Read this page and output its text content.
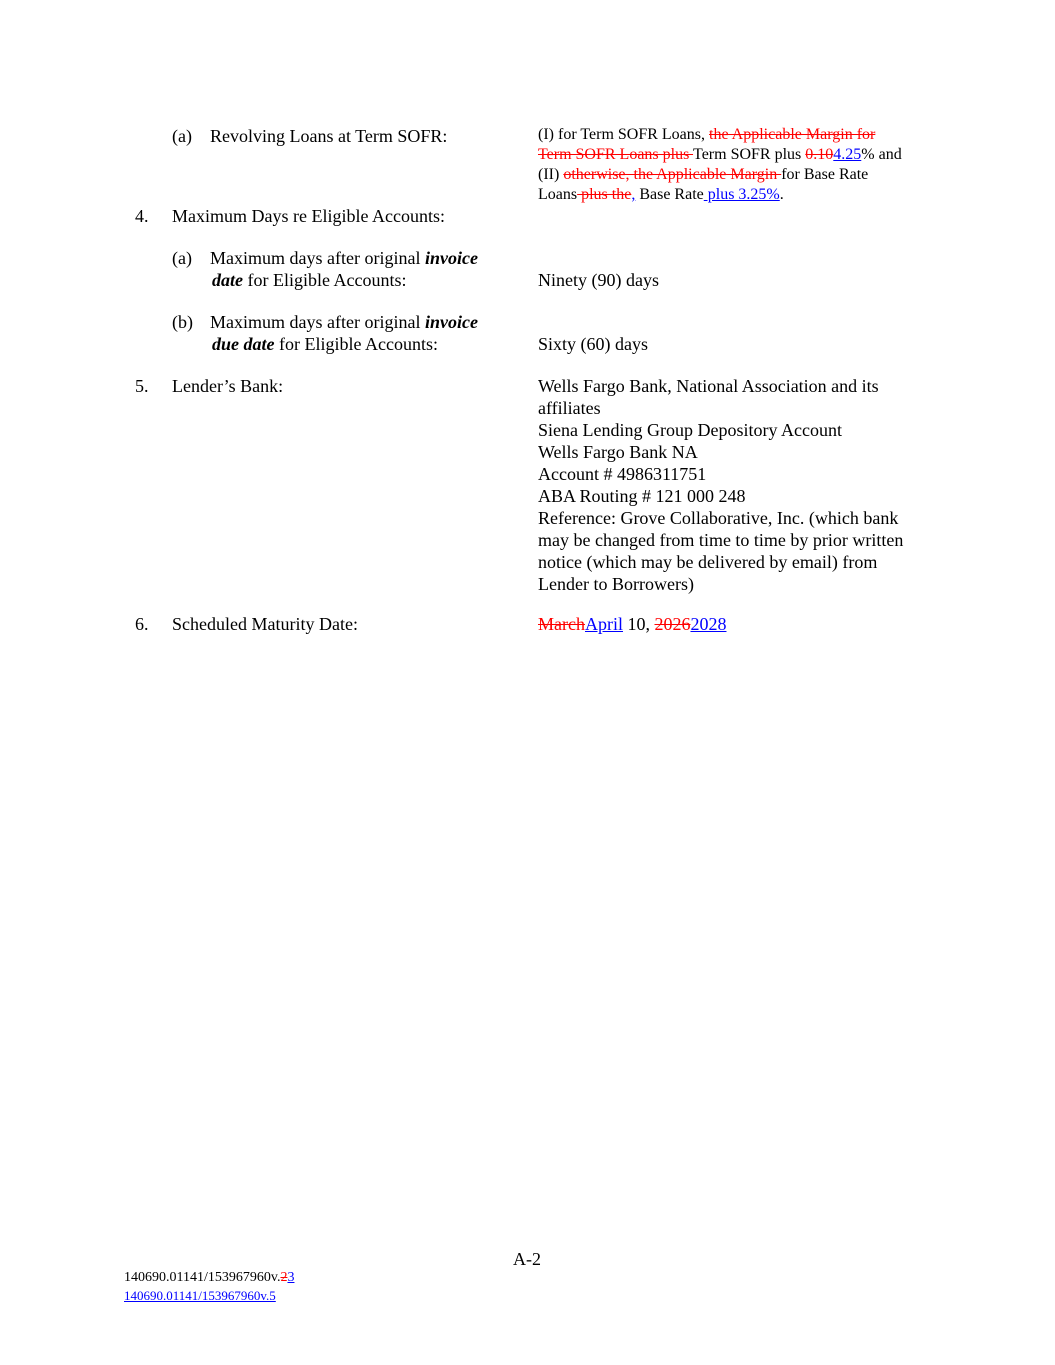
(a) Revolving Loans at Term SOFR:	(I) for Term SOFR Loans, the Applicable Margin for
Term SOFR Loans plus Term SOFR plus 0.104.25% and
(II) otherwise, the Applicable Margin for Base Rate
Loans plus the, Base Rate plus 3.25%.
4. Maximum Days re Eligible Accounts:
(a) Maximum days after original invoice
date for Eligible Accounts:	Ninety (90) days
(b) Maximum days after original invoice
due date for Eligible Accounts:	Sixty (60) days
5. Lender’s Bank:	Wells Fargo Bank, National Association and its
affiliates
Siena Lending Group Depository Account
Wells Fargo Bank NA
Account # 4986311751
ABA Routing # 121 000 248
Reference: Grove Collaborative, Inc. (which bank
may be changed from time to time by prior written
notice (which may be delivered by email) from
Lender to Borrowers)
6. Scheduled Maturity Date:	MarchApril 10, 20262028
A-2
140690.01141/153967960v.23
140690.01141/153967960v.5
